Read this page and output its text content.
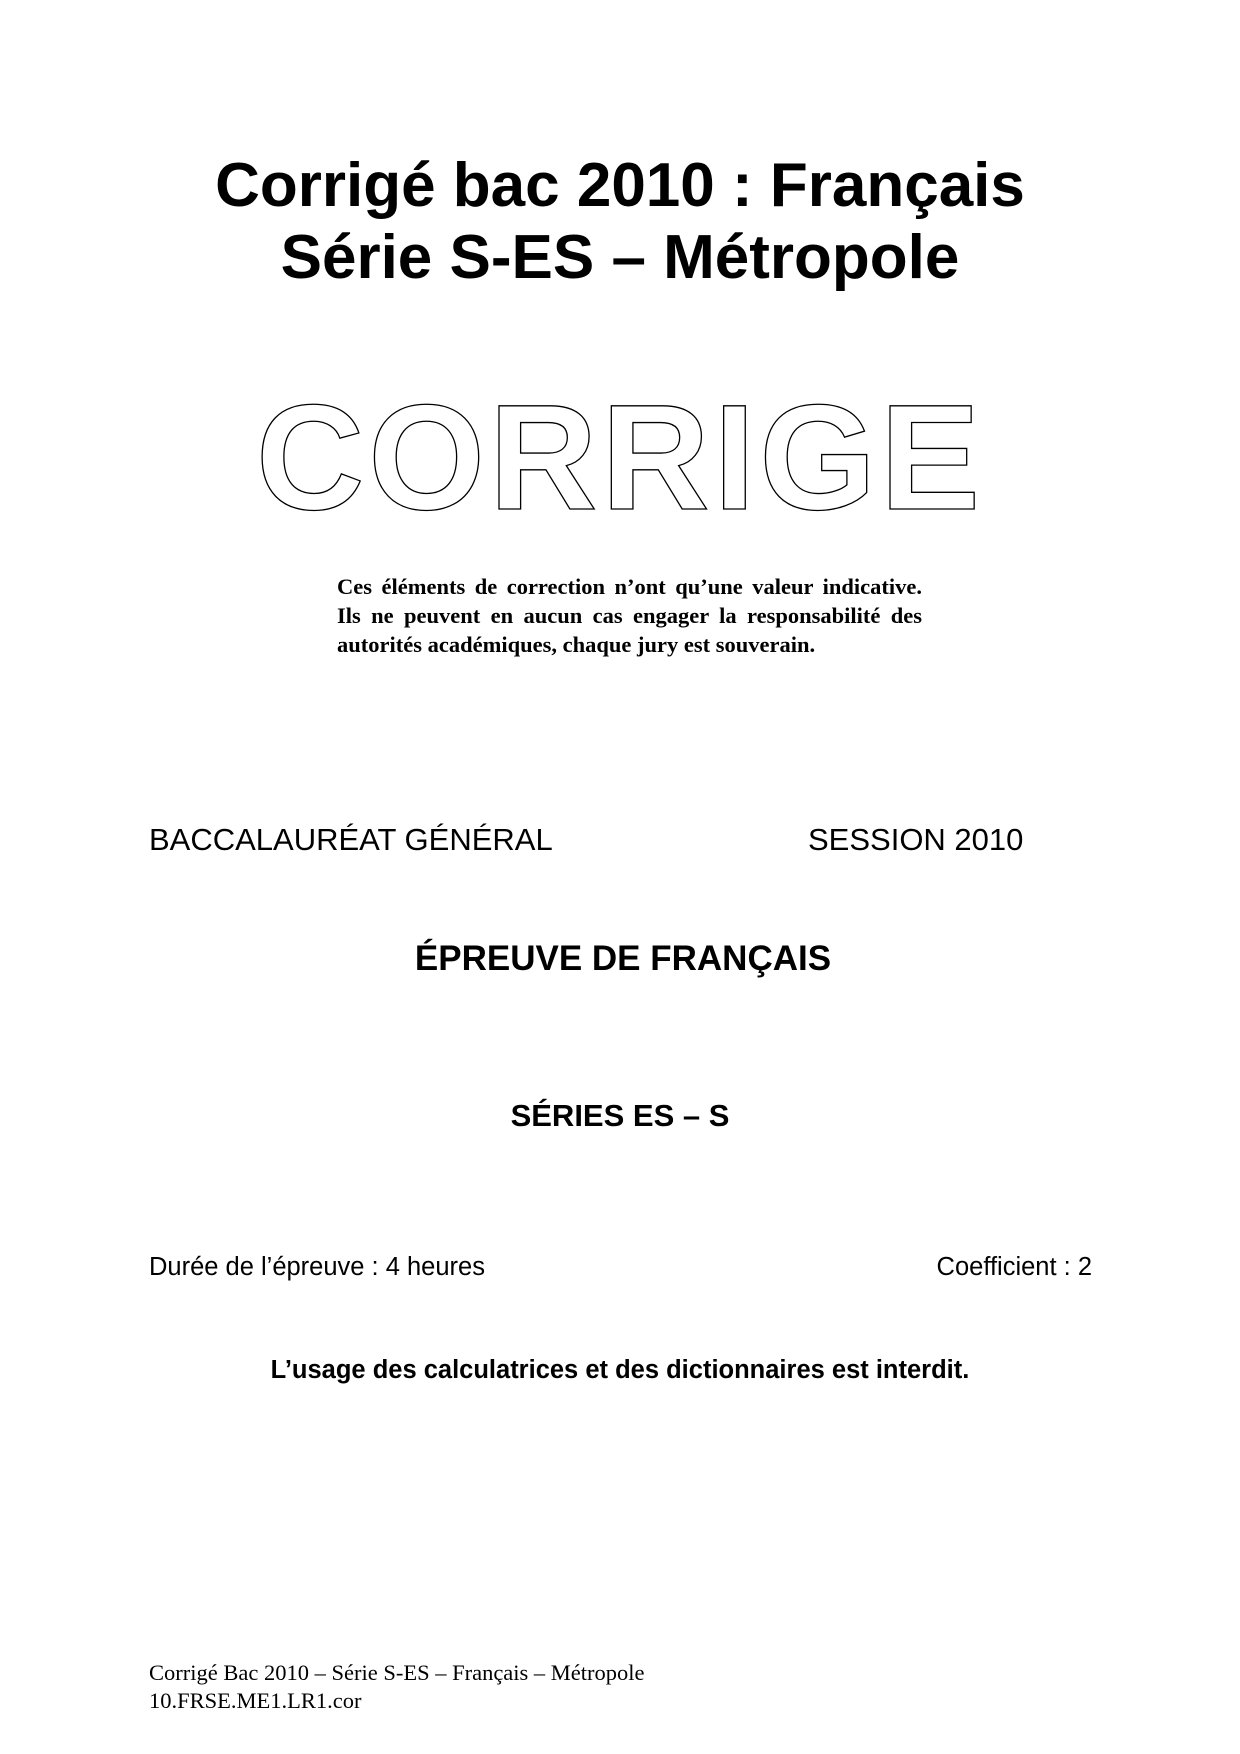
Corrigé bac 2010 : Français
Série S-ES – Métropole
CORRIGE

Ces éléments de correction n’ont qu’une valeur indicative. Ils ne peuvent en aucun cas engager la responsabilité des autorités académiques, chaque jury est souverain.

BACCALAURÉAT GÉNÉRAL	SESSION 2010
ÉPREUVE DE FRANÇAIS
SÉRIES ES – S
Durée de l’épreuve : 4 heures	Coefficient : 2

L’usage des calculatrices et des dictionnaires est interdit.

Corrigé Bac 2010 – Série S-ES – Français – Métropole
10.FRSE.ME1.LR1.cor
